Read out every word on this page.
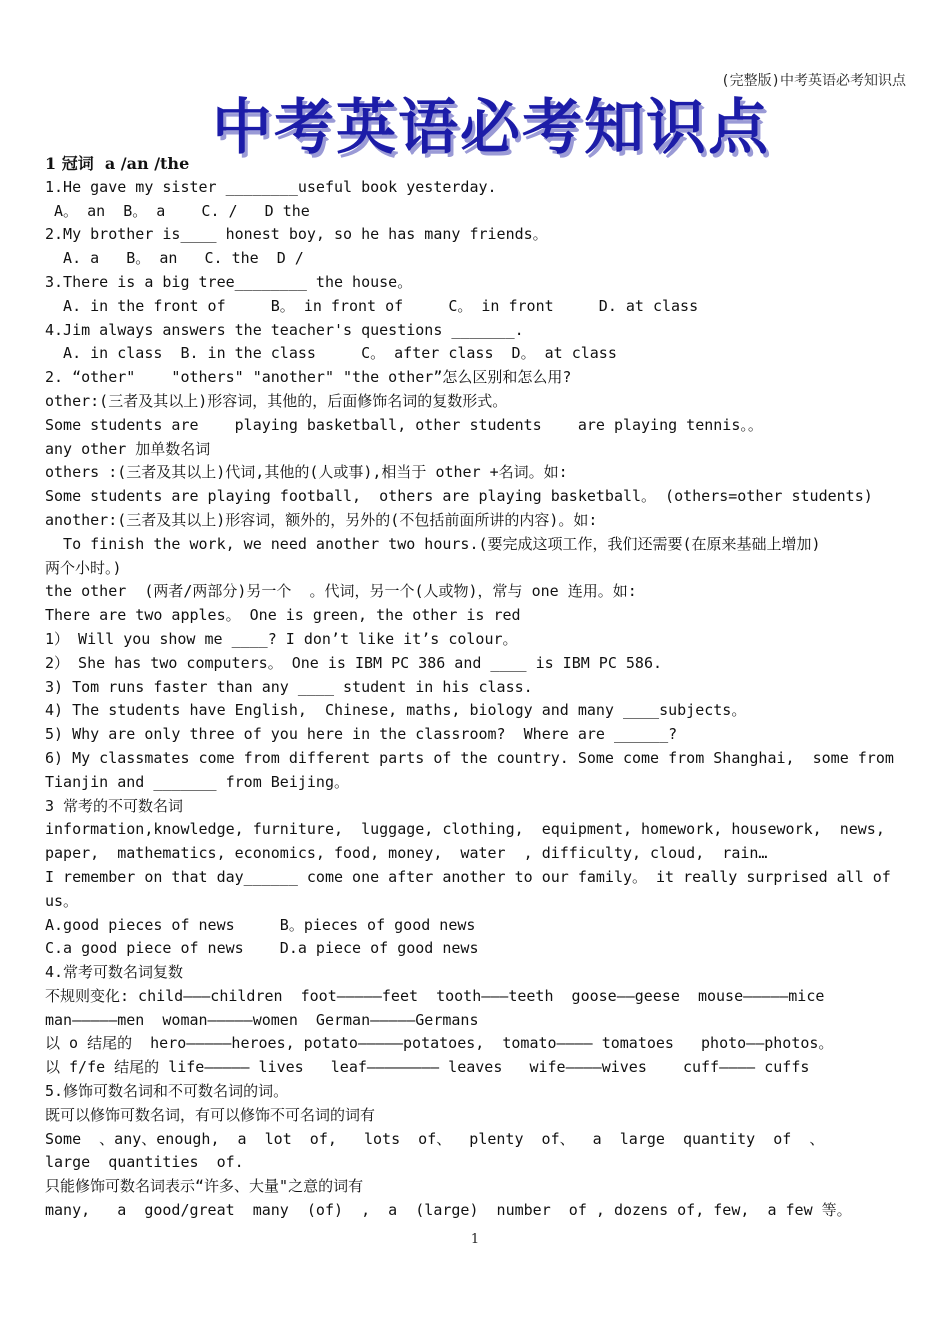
(完整版)中考英语必考知识点
中考英语必考知识点
1 冠词  a /an /the
1.He gave my sister ________useful book yesterday.
A。 an  B。 a    C. /   D the
2.My brother is____ honest boy, so he has many friends。
A. a   B。 an   C. the  D /
3.There is a big tree________ the house。
A. in the front of     B。 in front of     C。 in front     D. at class
4.Jim always answers the teacher's questions _______.
A. in class  B. in the class     C。 after class  D。 at class
2. “other"    "others" "another" "the other”怎么区别和怎么用?
other:(三者及其以上)形容词，其他的，后面修饰名词的复数形式。
Some students are    playing basketball, other students    are playing tennis。。
any other 加单数名词
others :(三者及其以上)代词,其他的(人或事),相当于 other +名词。如:
Some students are playing football,  others are playing basketball。 (others=other students)
another:(三者及其以上)形容词，额外的，另外的(不包括前面所讲的内容)。如:
To finish the work, we need another two hours.(要完成这项工作，我们还需要(在原来基础上增加)
两个小时。)
the other  (两者/两部分)另一个  。代词，另一个(人或物)，常与 one 连用。如:
There are two apples。 One is green, the other is red
1） Will you show me ____? I don’t like it’s colour。
2） She has two computers。 One is IBM PC 386 and ____ is IBM PC 586.
3) Tom runs faster than any ____ student in his class.
4) The students have English,  Chinese, maths, biology and many ____subjects。
5) Why are only three of you here in the classroom?  Where are ______?
6) My classmates come from different parts of the country. Some come from Shanghai,  some from
Tianjin and _______ from Beijing。
3 常考的不可数名词
information,knowledge, furniture,  luggage, clothing,  equipment, homework, housework,  news,
paper,  mathematics, economics, food, money,  water  , difficulty, cloud,  rain…
I remember on that day______ come one after another to our family。 it really surprised all of
us。
A.good pieces of news     B。pieces of good news
C.a good piece of news    D.a piece of good news
4.常考可数名词复数
不规则变化: child———children  foot—————feet  tooth———teeth  goose——geese  mouse—————mice
man—————men  woman—————women  German—————Germans
以 o 结尾的  hero—————heroes, potato—————potatoes,  tomato———— tomatoes   photo——photos。
以 f/fe 结尾的 life————— lives   leaf———————— leaves   wife————wives    cuff———— cuffs
5.修饰可数名词和不可数名词的词。
既可以修饰可数名词，有可以修饰不可名词的词有
Some  、any、enough,  a  lot  of,   lots  of、  plenty  of、  a  large  quantity  of  、
large  quantities  of.
只能修饰可数名词表示“许多、大量"之意的词有
many,   a  good/great  many  (of)  ,  a  (large)  number  of , dozens of, few,  a few 等。
1
